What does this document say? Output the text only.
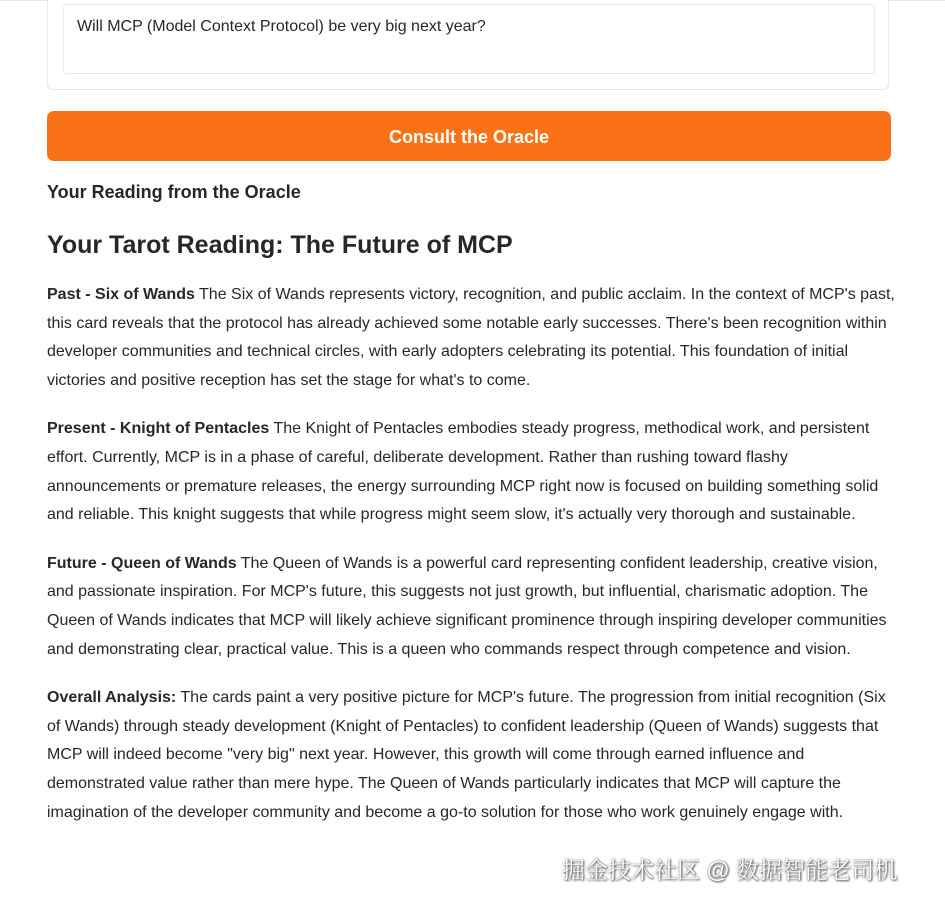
Will MCP (Model Context Protocol) be very big next year?
Consult the Oracle
Your Reading from the Oracle
Your Tarot Reading: The Future of MCP

Past - Six of Wands The Six of Wands represents victory, recognition, and public acclaim. In the context of MCP's past, this card reveals that the protocol has already achieved some notable early successes. There's been recognition within developer communities and technical circles, with early adopters celebrating its potential. This foundation of initial victories and positive reception has set the stage for what's to come.

Present - Knight of Pentacles The Knight of Pentacles embodies steady progress, methodical work, and persistent effort. Currently, MCP is in a phase of careful, deliberate development. Rather than rushing toward flashy announcements or premature releases, the energy surrounding MCP right now is focused on building something solid and reliable. This knight suggests that while progress might seem slow, it's actually very thorough and sustainable.

Future - Queen of Wands The Queen of Wands is a powerful card representing confident leadership, creative vision, and passionate inspiration. For MCP's future, this suggests not just growth, but influential, charismatic adoption. The Queen of Wands indicates that MCP will likely achieve significant prominence through inspiring developer communities and demonstrating clear, practical value. This is a queen who commands respect through competence and vision.

Overall Analysis: The cards paint a very positive picture for MCP's future. The progression from initial recognition (Six of Wands) through steady development (Knight of Pentacles) to confident leadership (Queen of Wands) suggests that MCP will indeed become "very big" next year. However, this growth will come through earned influence and demonstrated value rather than mere hype. The Queen of Wands particularly indicates that MCP will capture the imagination of the developer community and become a go-to solution for those who work genuinely engage with.

掘金技术社区 @ 数据智能老司机
